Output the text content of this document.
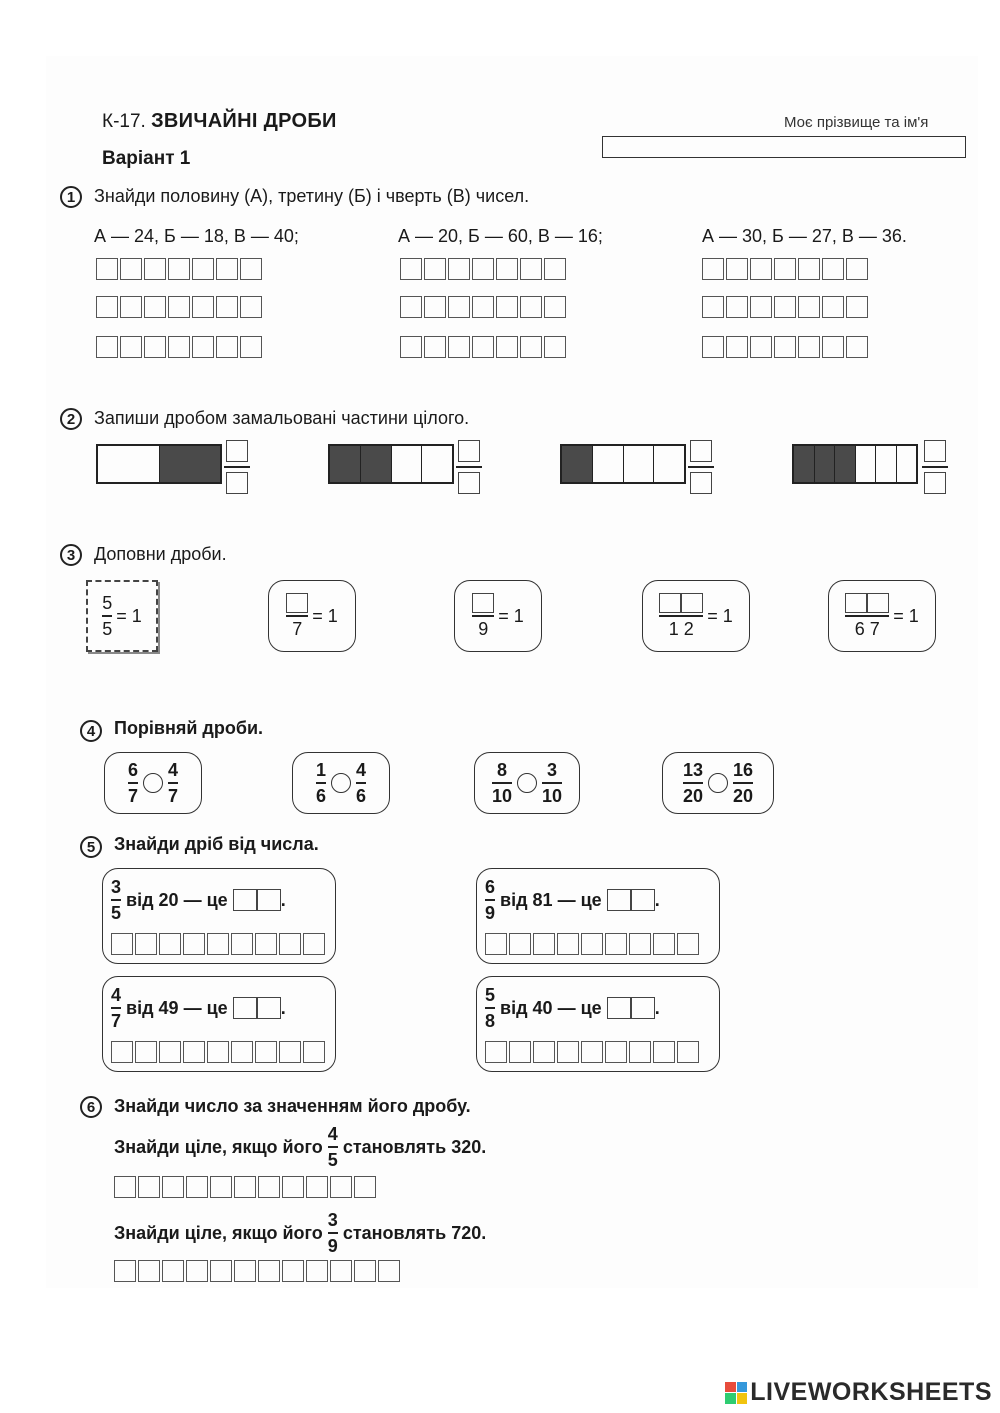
К-17. ЗВИЧАЙНІ ДРОБИ
Варіант 1
Моє прізвище та ім'я
1	Знайди половину (А), третину (Б) і чверть (В) чисел.
А — 24, Б — 18, В — 40;	А — 20, Б — 60, В — 16;	А — 30, Б — 27, В — 36.
2	Запиши дробом замальовані частини цілого.
3	Доповни дроби.
$\frac{5}{5} = 1$
7
= 1
9
= 1
1 2
= 1
6 7
= 1
4	Порівняй дроби.
$\frac{6}{7} \frac{4}{7}$	$\frac{1}{6} \frac{4}{6}$	$\frac{8}{10} \frac{3}{10}$	$\frac{13}{20} \frac{16}{20}$
5	Знайди дріб від числа.
$\frac{3}{5}$
від
20
— це
	.	$\frac{6}{9}$
від
81
— це
	.
$\frac{4}{7}$
від
49
— це
	.	$\frac{5}{8}$
від
40
— це
	.
6	Знайди число за значенням його дробу.
Знайди ціле, якщо його
$\frac{4}{5}$
становлять
320.
Знайди ціле, якщо його
$\frac{3}{9}$
становлять
720.
LIVEWORKSHEETS
